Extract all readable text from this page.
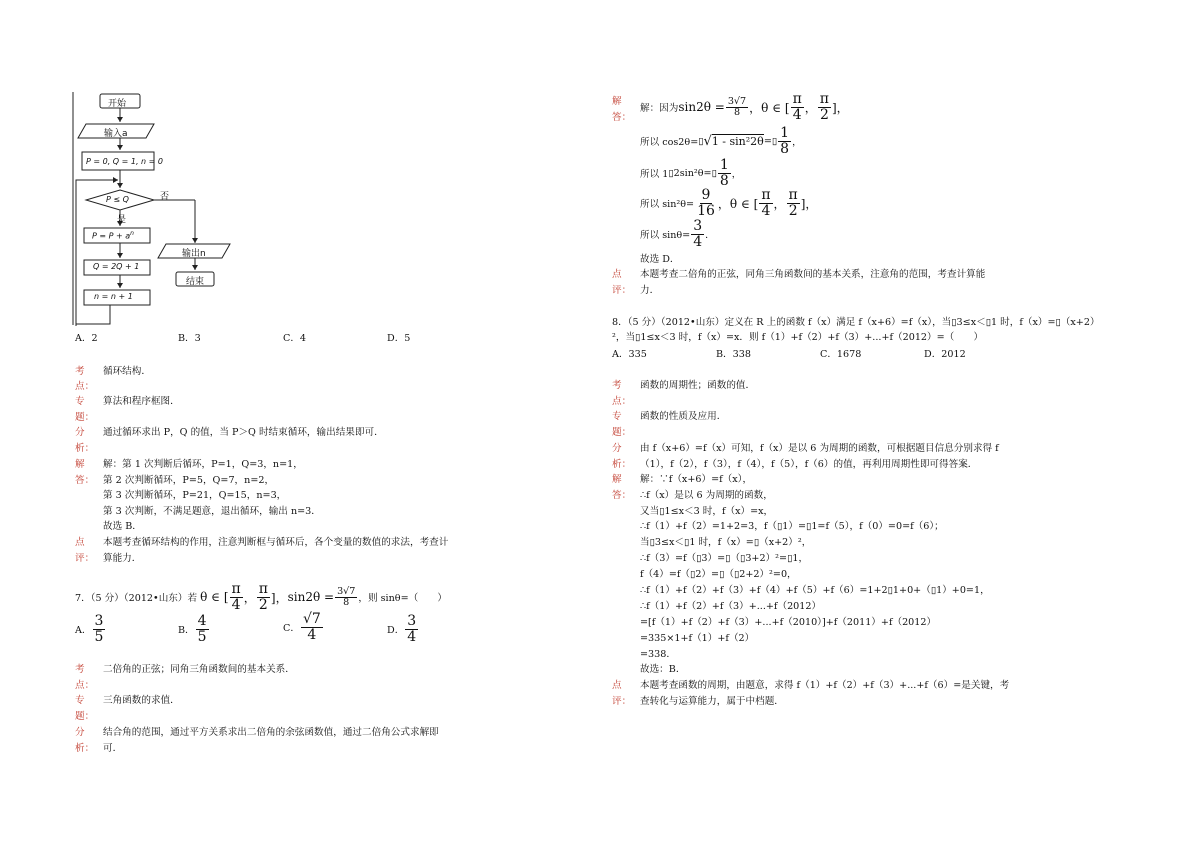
开始
输入a
P = 0, Q = 1, n = 0
P ≤ Q	否
是
$P = P + a^n$
Q = 2Q + 1
n = n + 1
输出n
结束
A．2	B．3	C．4	D．5
考
点：
循环结构．
专
题：
算法和程序框图．
分
析：
通过循环求出 P，Q 的值，当 P＞Q 时结束循环，输出结果即可．
解
答：
解：第 1 次判断后循环，P=1，Q=3，n=1，
第 2 次判断循环，P=5，Q=7，n=2，
第 3 次判断循环，P=21，Q=15，n=3，
第 3 次判断，不满足题意，退出循环，输出 n=3．
故选 B．
点
评：
本题考查循环结构的作用，注意判断框与循环后，各个变量的数值的求法，考查计
算能力．
7．（5 分）（2012•山东）若 θ ∈ [ $\frac{\pi}{4}$ ， $\frac{\pi}{2}$ ]， $\sin 2\theta = \frac{3√7}{8}$ ，则 sinθ=（　　）
A． $\frac{3}{5}$	B． $\frac{4}{5}$	C． $\frac{√7}{4}$	D． $\frac{3}{4}$
考
点：
二倍角的正弦；同角三角函数间的基本关系．
专
题：
三角函数的求值．
分
析：
结合角的范围，通过平方关系求出二倍角的余弦函数值，通过二倍角公式求解即
可．
解
答：
解：因为 $\sin 2\theta = \frac{3√7}{8}$ ，θ ∈ [ $\frac{\pi}{4}$ ， $\frac{\pi}{2}$ ]，
所以 cos2θ= ▯ √ 1 - sin²2θ = ▯ $\frac{1}{8}$ ，
所以 1 ▯ 2sin²θ= ▯ $\frac{1}{8}$ ，
所以 $\sin^2\theta= \frac{9}{16}$ ，θ ∈ [ $\frac{\pi}{4}$ ， $\frac{\pi}{2}$ ]，
所以 $\sin\theta= \frac{3}{4}$ ．
故选 D．
点
评：
本题考查二倍角的正弦，同角三角函数间的基本关系，注意角的范围，考查计算能
力．
8．（5 分）（2012•山东）定义在 R 上的函数 f（x）满足 f（x+6）=f（x），当▯3≤x＜▯1 时，f（x）=▯（x+2）
²，当▯1≤x＜3 时，f（x）=x．则 f（1）+f（2）+f（3）+...+f（2012）=（　　）
A．335	B．338	C．1678	D．2012
考
点：
函数的周期性；函数的值．
专
题：
函数的性质及应用．
分
析：
由 f（x+6）=f（x）可知，f（x）是以 6 为周期的函数，可根据题目信息分别求得 f
（1），f（2），f（3），f（4），f（5），f（6）的值，再利用周期性即可得答案．
解
答：
解：∵f（x+6）=f（x），
∴f（x）是以 6 为周期的函数，
又当▯1≤x＜3 时，f（x）=x，
∴f（1）+f（2）=1+2=3，f（▯1）=▯1=f（5），f（0）=0=f（6）；
当▯3≤x＜▯1 时，f（x）=▯（x+2）²，
∴f（3）=f（▯3）=▯（▯3+2）²=▯1，
f（4）=f（▯2）=▯（▯2+2）²=0，
∴f（1）+f（2）+f（3）+f（4）+f（5）+f（6）=1+2▯1+0+（▯1）+0=1，
∴f（1）+f（2）+f（3）+...+f（2012）
=[f（1）+f（2）+f（3）+...+f（2010）]+f（2011）+f（2012）
=335×1+f（1）+f（2）
=338．
故选：B．
点
评：
本题考查函数的周期，由题意，求得 f（1）+f（2）+f（3）+...+f（6）=是关键，考
查转化与运算能力，属于中档题．
